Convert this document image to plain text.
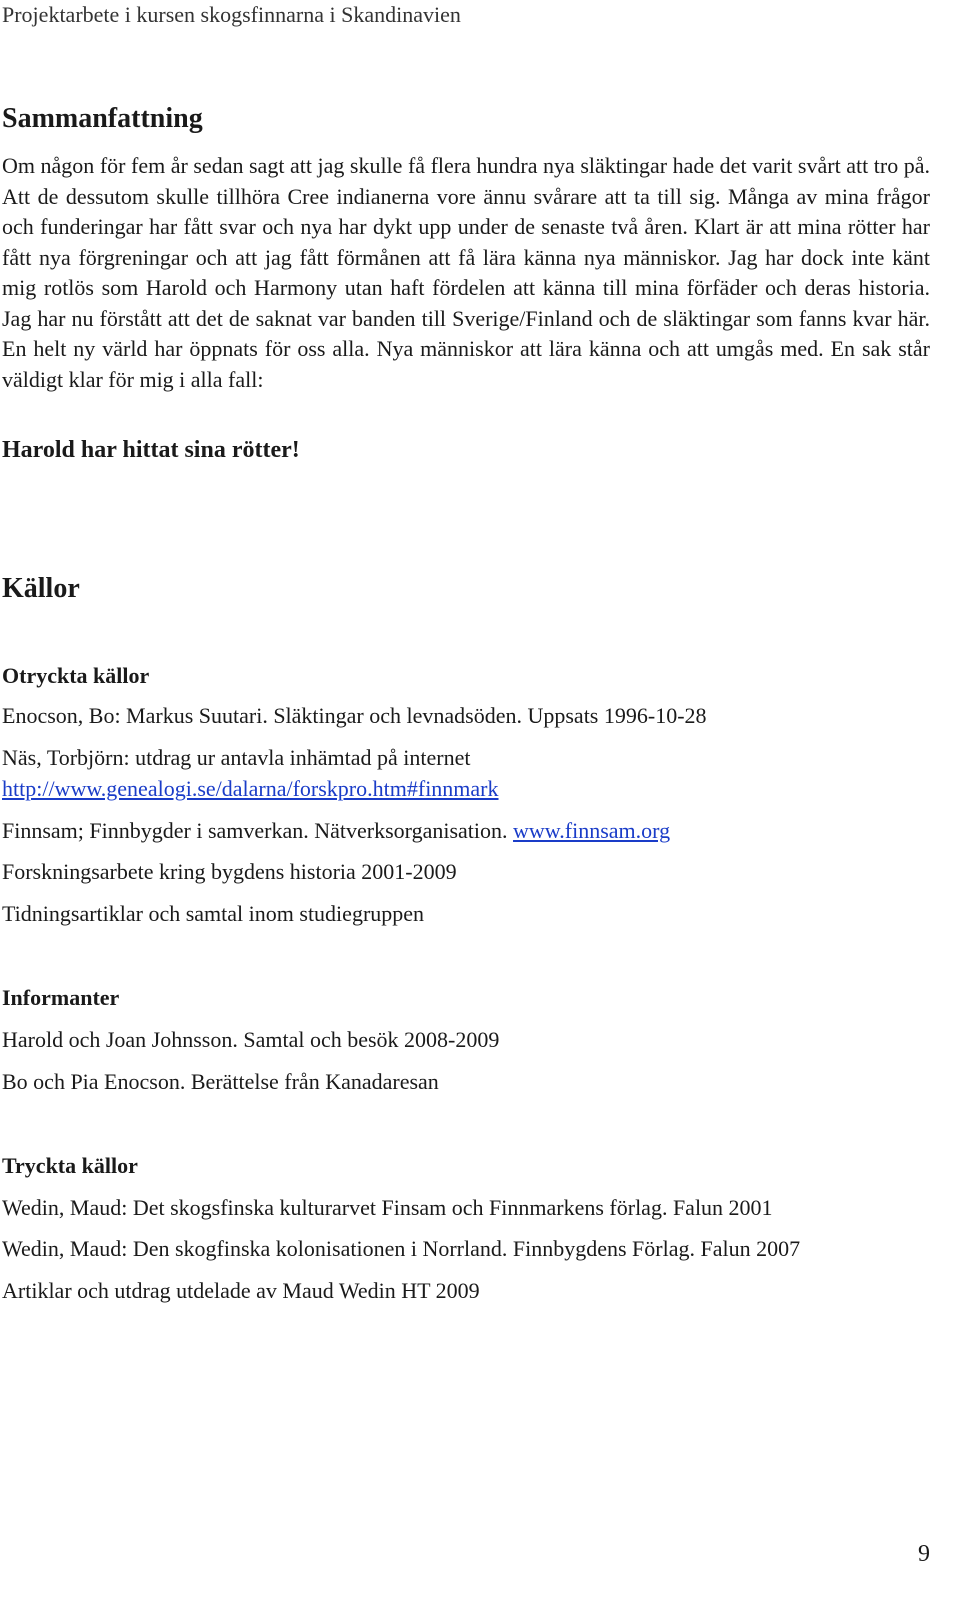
Projektarbete i kursen skogsfinnarna i Skandinavien
Sammanfattning

Om någon för fem år sedan sagt att jag skulle få flera hundra nya släktingar hade det varit svårt att tro på. Att de dessutom skulle tillhöra Cree indianerna vore ännu svårare att ta till sig. Många av mina frågor och funderingar har fått svar och nya har dykt upp under de senaste två åren. Klart är att mina rötter har fått nya förgreningar och att jag fått förmånen att få lära känna nya människor. Jag har dock inte känt mig rotlös som Harold och Harmony utan haft fördelen att känna till mina förfäder och deras historia. Jag har nu förstått att det de saknat var banden till Sverige/Finland och de släktingar som fanns kvar här. En helt ny värld har öppnats för oss alla. Nya människor att lära känna och att umgås med. En sak står väldigt klar för mig i alla fall:

Harold har hittat sina rötter!

Källor
Otryckta källor

Enocson, Bo: Markus Suutari. Släktingar och levnadsöden. Uppsats 1996-10-28

Näs, Torbjörn: utdrag ur antavla inhämtad på internet

http://www.genealogi.se/dalarna/forskpro.htm#finnmark

Finnsam; Finnbygder i samverkan. Nätverksorganisation. www.finnsam.org

Forskningsarbete kring bygdens historia 2001-2009

Tidningsartiklar och samtal inom studiegruppen

Informanter

Harold och Joan Johnsson. Samtal och besök 2008-2009

Bo och Pia Enocson. Berättelse från Kanadaresan

Tryckta källor

Wedin, Maud: Det skogsfinska kulturarvet Finsam och Finnmarkens förlag. Falun 2001

Wedin, Maud: Den skogfinska kolonisationen i Norrland. Finnbygdens Förlag. Falun 2007

Artiklar och utdrag utdelade av Maud Wedin HT 2009

9
